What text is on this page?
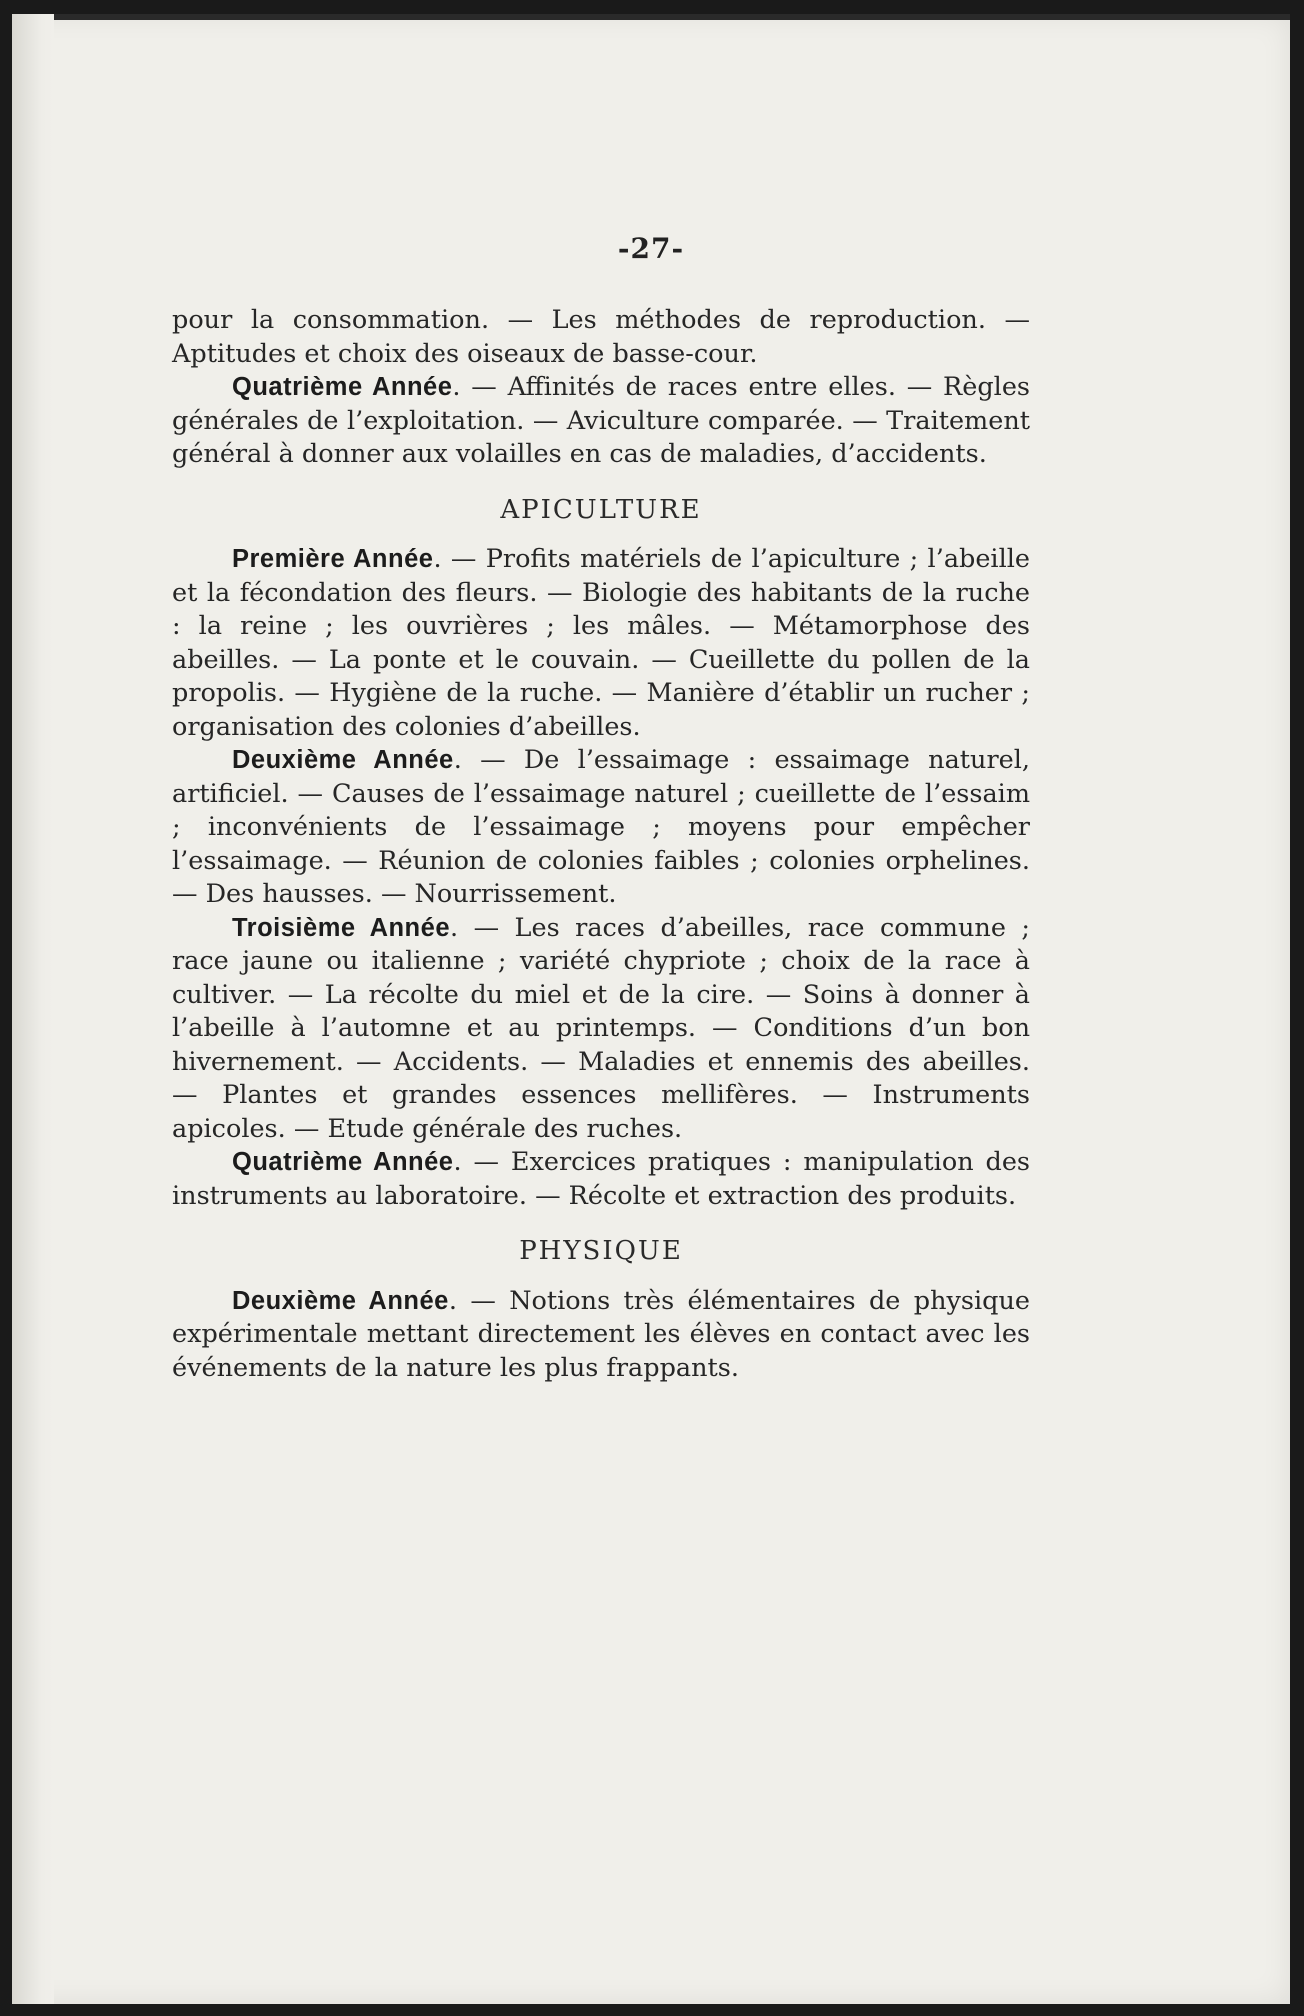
-27-

pour la consommation. — Les méthodes de reproduction. — Aptitudes et choix des oiseaux de basse-cour.

Quatrième Année. — Affinités de races entre elles. — Règles générales de l’exploitation. — Aviculture comparée. — Traitement général à donner aux volailles en cas de maladies, d’accidents.

APICULTURE

Première Année. — Profits matériels de l’apiculture ; l’abeille et la fécondation des fleurs. — Biologie des habitants de la ruche : la reine ; les ouvrières ; les mâles. — Métamorphose des abeilles. — La ponte et le couvain. — Cueillette du pollen de la propolis. — Hygiène de la ruche. — Manière d’établir un rucher ; organisation des colonies d’abeilles.

Deuxième Année. — De l’essaimage : essaimage naturel, artificiel. — Causes de l’essaimage naturel ; cueillette de l’essaim ; inconvénients de l’essaimage ; moyens pour empêcher l’essaimage. — Réunion de colonies faibles ; colonies orphelines. — Des hausses. — Nourrissement.

Troisième Année. — Les races d’abeilles, race commune ; race jaune ou italienne ; variété chypriote ; choix de la race à cultiver. — La récolte du miel et de la cire. — Soins à donner à l’abeille à l’automne et au printemps. — Conditions d’un bon hivernement. — Accidents. — Maladies et ennemis des abeilles. — Plantes et grandes essences mellifères. — Instruments apicoles. — Etude générale des ruches.

Quatrième Année. — Exercices pratiques : manipulation des instruments au laboratoire. — Récolte et extraction des produits.

PHYSIQUE

Deuxième Année. — Notions très élémentaires de physique expérimentale mettant directement les élèves en contact avec les événements de la nature les plus frappants.
